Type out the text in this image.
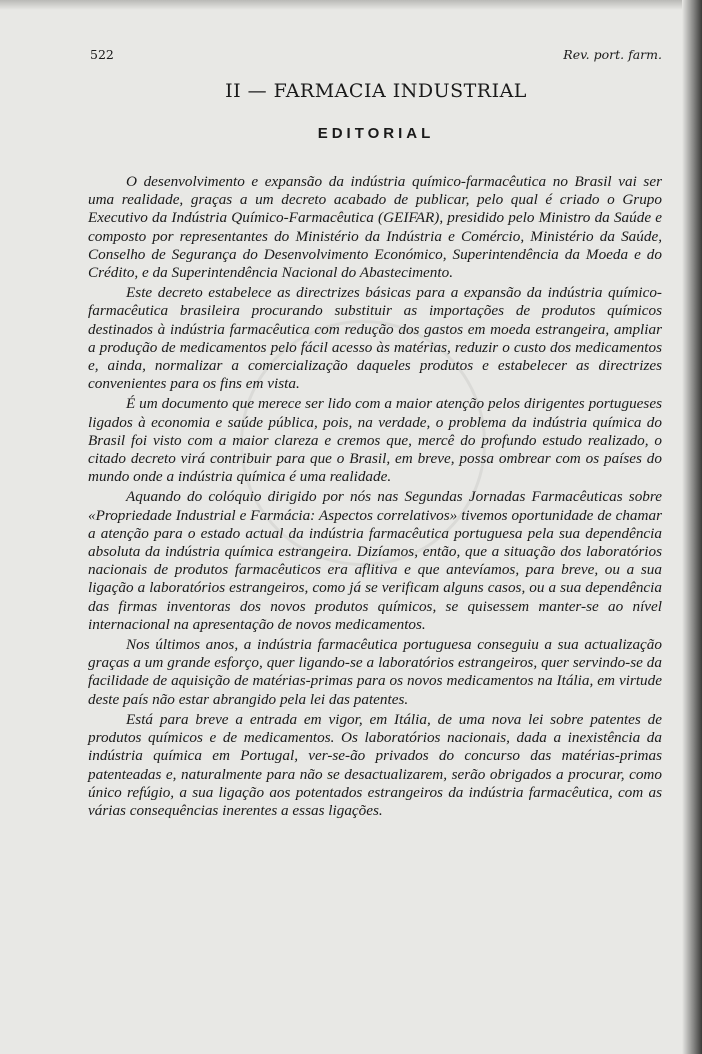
522	Rev. port. farm.
II — FARMACIA INDUSTRIAL
EDITORIAL

O desenvolvimento e expansão da indústria químico-farmacêutica no Brasil vai ser uma realidade, graças a um decreto acabado de publicar, pelo qual é criado o Grupo Executivo da Indústria Químico-Farmacêutica (GEIFAR), presidido pelo Ministro da Saúde e composto por representantes do Ministério da Indústria e Comércio, Ministério da Saúde, Conselho de Segurança do Desenvolvimento Económico, Superintendência da Moeda e do Crédito, e da Superintendência Nacional do Abastecimento.

Este decreto estabelece as directrizes básicas para a expansão da indústria químico-farmacêutica brasileira procurando substituir as importações de produtos químicos destinados à indústria farmacêutica com redução dos gastos em moeda estrangeira, ampliar a produção de medicamentos pelo fácil acesso às matérias, reduzir o custo dos medicamentos e, ainda, normalizar a comercialização daqueles produtos e estabelecer as directrizes convenientes para os fins em vista.

É um documento que merece ser lido com a maior atenção pelos dirigentes portugueses ligados à economia e saúde pública, pois, na verdade, o problema da indústria química do Brasil foi visto com a maior clareza e cremos que, mercê do profundo estudo realizado, o citado decreto virá contribuir para que o Brasil, em breve, possa ombrear com os países do mundo onde a indústria química é uma realidade.

Aquando do colóquio dirigido por nós nas Segundas Jornadas Farmacêuticas sobre «Propriedade Industrial e Farmácia: Aspectos correlativos» tivemos oportunidade de chamar a atenção para o estado actual da indústria farmacêutica portuguesa pela sua dependência absoluta da indústria química estrangeira. Dizíamos, então, que a situação dos laboratórios nacionais de produtos farmacêuticos era aflitiva e que antevíamos, para breve, ou a sua ligação a laboratórios estrangeiros, como já se verificam alguns casos, ou a sua dependência das firmas inventoras dos novos produtos químicos, se quisessem manter-se ao nível internacional na apresentação de novos medicamentos.

Nos últimos anos, a indústria farmacêutica portuguesa conseguiu a sua actualização graças a um grande esforço, quer ligando-se a laboratórios estrangeiros, quer servindo-se da facilidade de aquisição de matérias-primas para os novos medicamentos na Itália, em virtude deste país não estar abrangido pela lei das patentes.

Está para breve a entrada em vigor, em Itália, de uma nova lei sobre patentes de produtos químicos e de medicamentos. Os laboratórios nacionais, dada a inexistência da indústria química em Portugal, ver-se-ão privados do concurso das matérias-primas patenteadas e, naturalmente para não se desactualizarem, serão obrigados a procurar, como único refúgio, a sua ligação aos potentados estrangeiros da indústria farmacêutica, com as várias consequências inerentes a essas ligações.
